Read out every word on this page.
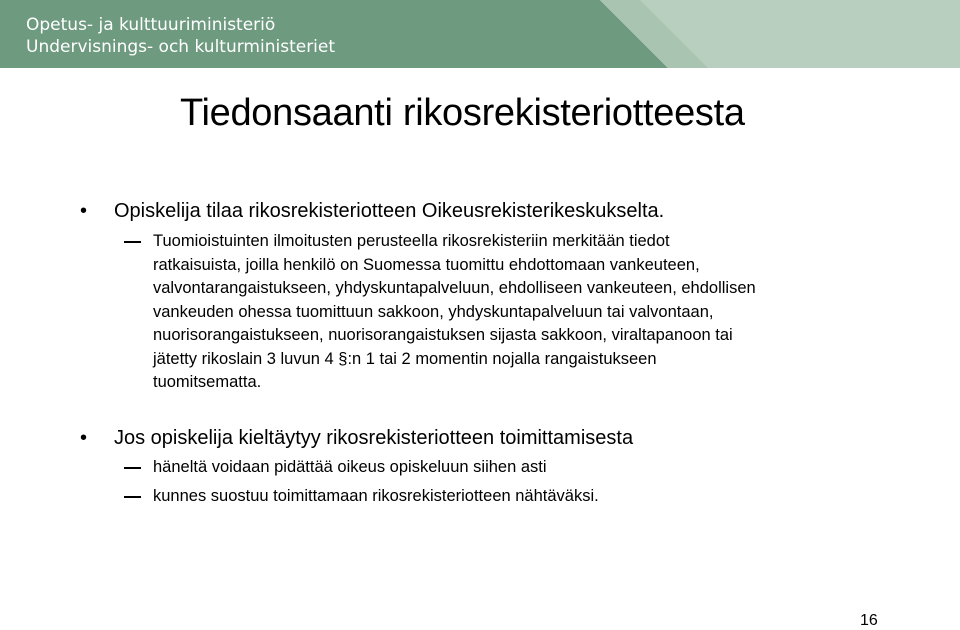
Opetus- ja kulttuuriministeriö
Undervisnings- och kulturministeriet
Tiedonsaanti rikosrekisteriotteesta
• Opiskelija tilaa rikosrekisteriotteen Oikeusrekisterikeskukselta.
Tuomioistuinten ilmoitusten perusteella rikosrekisteriin merkitään tiedot
ratkaisuista, joilla henkilö on Suomessa tuomittu ehdottomaan vankeuteen,
valvontarangaistukseen, yhdyskuntapalveluun, ehdolliseen vankeuteen, ehdollisen
vankeuden ohessa tuomittuun sakkoon, yhdyskuntapalveluun tai valvontaan,
nuorisorangaistukseen, nuorisorangaistuksen sijasta sakkoon, viraltapanoon tai
jätetty rikoslain 3 luvun 4 §:n 1 tai 2 momentin nojalla rangaistukseen
tuomitsematta.
• Jos opiskelija kieltäytyy rikosrekisteriotteen toimittamisesta
häneltä voidaan pidättää oikeus opiskeluun siihen asti
kunnes suostuu toimittamaan rikosrekisteriotteen nähtäväksi.
16
